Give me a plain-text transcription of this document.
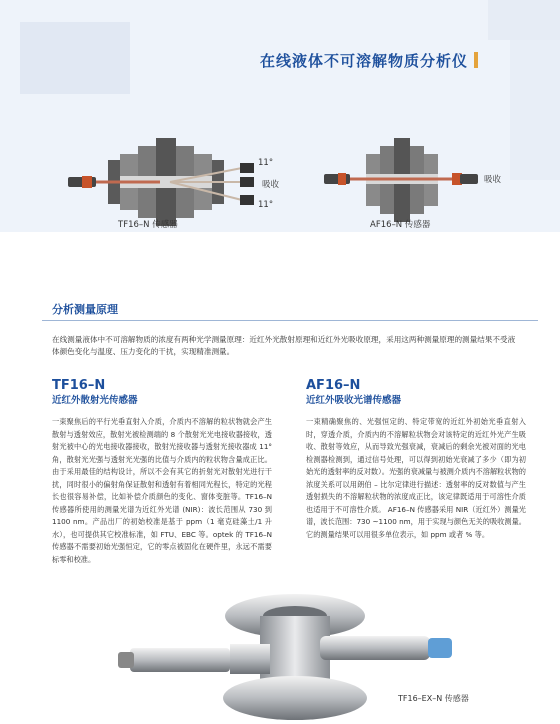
在线液体不可溶解物质分析仪
11°
吸收
11°
TF16–N 传感器
吸收
AF16–N 传感器
分析测量原理
在线测量液体中不可溶解物质的浓度有两种光学测量原理：近红外光散射原理和近红外光吸收原理，采用这两种测量原理的测量结果不受液体颜色变化与温度、压力变化的干扰，实现精准测量。
TF16–N
近红外散射光传感器
一束聚焦后的平行光垂直射入介质，介质内不溶解的粒状物就会产生散射与透射效应，散射光被检测端的 8 个散射光光电接收器接收，透射光被中心的光电接收器接收，散射光接收器与透射光接收器成 11° 角，散射光光强与透射光光强的比值与介质内的粒状物含量成正比。由于采用最佳的结构设计，所以不会有其它的折射光对散射光进行干扰，同时很小的偏射角保证散射和透射有着相同光程长，特定的光程长也很容易补偿，比如补偿介质颜色的变化、窗体变脏等。TF16–N 传感器所使用的测量光谱为近红外光谱 (NIR)：波长范围从 730 到 1100 nm。产品出厂的初始校准是基于 ppm（1 毫克硅藻土/1 升水），也可提供其它校准标准，如 FTU、EBC 等。optek 的 TF16–N 传感器不需要初始光强恒定，它的零点被固化在硬件里，永远不需要标零和校准。
AF16–N
近红外吸收光谱传感器
一束精确聚焦的、光强恒定的、特定带宽的近红外初始光垂直射入时，穿透介质，介质内的不溶解粒状物会对该特定的近红外光产生吸收、散射等效应，从而导致光强衰减，衰减后的剩余光被对面的光电检测器检测到，通过信号处理，可以得到初始光衰减了多少（即为初始光的透射率的反对数）。光强的衰减量与被测介质内不溶解粒状物的浓度关系可以用朗伯 – 比尔定律进行描述：透射率的反对数值与产生透射损失的不溶解粒状物的浓度成正比，该定律既适用于可溶性介质也适用于不可溶性介质。 AF16–N 传感器采用 NIR（近红外）测量光谱，波长范围：730 ~1100 nm，用于实现与颜色无关的吸收测量。它的测量结果可以用很多单位表示，如 ppm 或者 % 等。
TF16–EX–N 传感器
